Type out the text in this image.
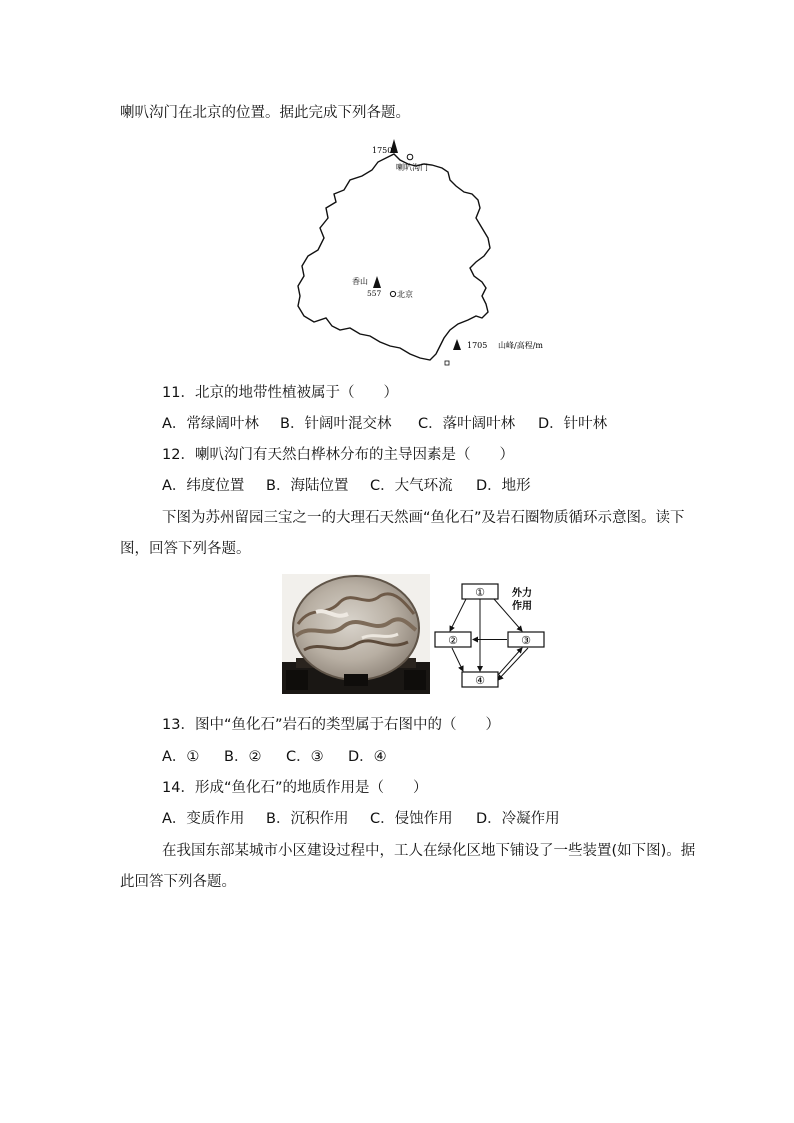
喇叭沟门在北京的位置。据此完成下列各题。
1750
喇叭沟门
香山
557 北京
1705 山峰/高程/m
11．北京的地带性植被属于（　　）
A．常绿阔叶林 B．针阔叶混交林 C．落叶阔叶林 D．针叶林
12．喇叭沟门有天然白桦林分布的主导因素是（　　）
A．纬度位置 B．海陆位置 C．大气环流 D．地形
下图为苏州留园三宝之一的大理石天然画“鱼化石”及岩石圈物质循环示意图。读下
图，回答下列各题。
①
②	③
④
外力
作用
13．图中“鱼化石”岩石的类型属于右图中的（　　）
A．① B．② C．③ D．④
14．形成“鱼化石”的地质作用是（　　）
A．变质作用 B．沉积作用 C．侵蚀作用 D．冷凝作用
在我国东部某城市小区建设过程中，工人在绿化区地下铺设了一些装置(如下图)。据
此回答下列各题。
